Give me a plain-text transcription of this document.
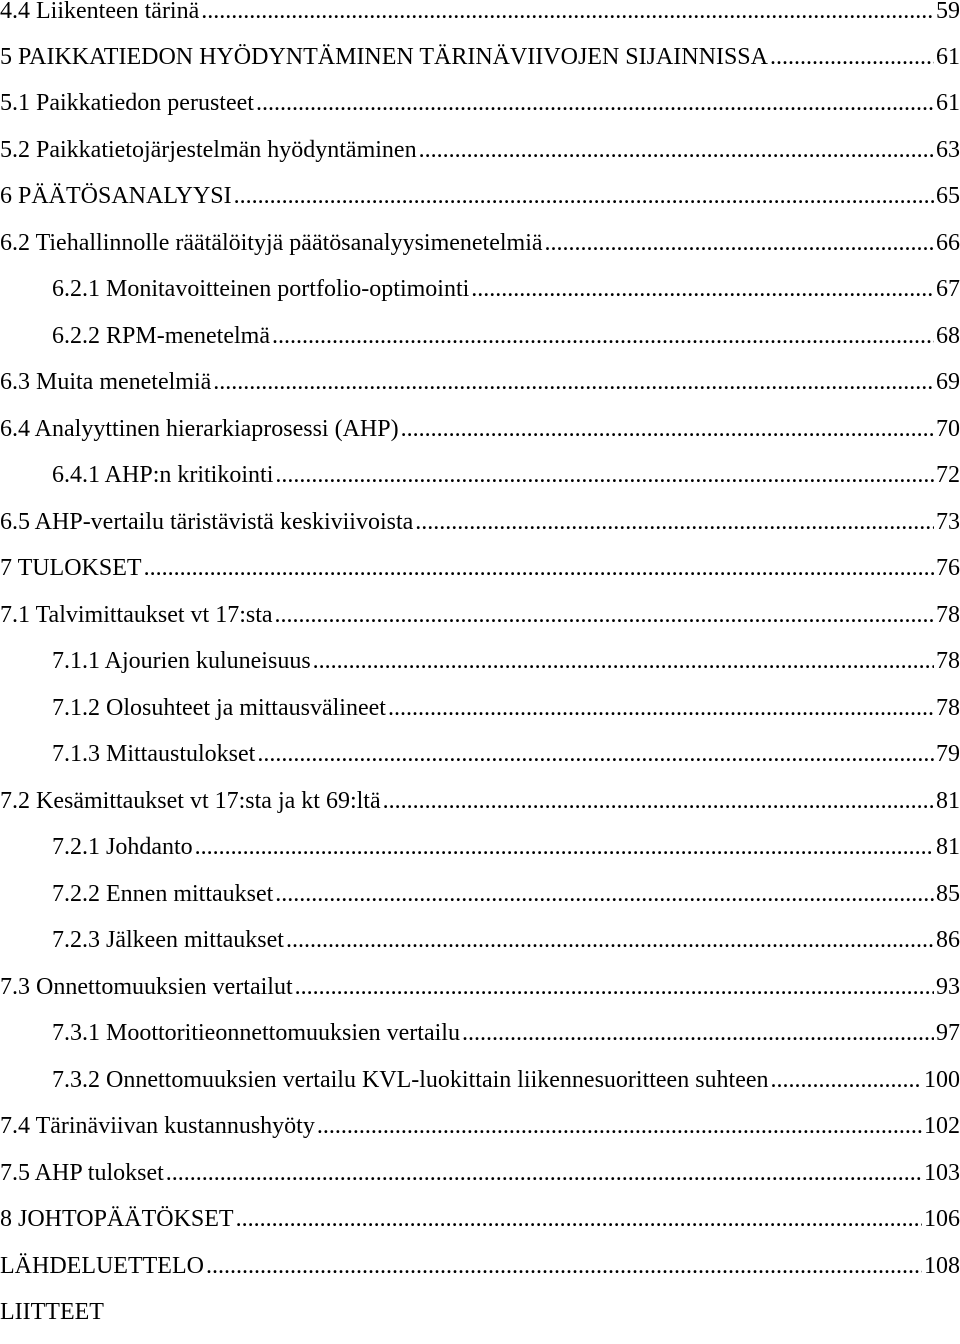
4.4 Liikenteen tärinä .....	59
5 PAIKKATIEDON HYÖDYNTÄMINEN TÄRINÄVIIVOJEN SIJAINNISSA .....	61
5.1 Paikkatiedon perusteet .....	61
5.2 Paikkatietojärjestelmän hyödyntäminen .....	63
6 PÄÄTÖSANALYYSI .....	65
6.2 Tiehallinnolle räätälöityjä päätösanalyysimenetelmiä .....	66
6.2.1 Monitavoitteinen portfolio-optimointi .....	67
6.2.2 RPM-menetelmä .....	68
6.3 Muita menetelmiä .....	69
6.4 Analyyttinen hierarkiaprosessi (AHP) .....	70
6.4.1 AHP:n kritikointi .....	72
6.5 AHP-vertailu täristävistä keskiviivoista .....	73
7 TULOKSET .....	76
7.1 Talvimittaukset vt 17:sta .....	78
7.1.1 Ajourien kuluneisuus .....	78
7.1.2 Olosuhteet ja mittausvälineet .....	78
7.1.3 Mittaustulokset .....	79
7.2 Kesämittaukset vt 17:sta ja kt 69:ltä .....	81
7.2.1 Johdanto .....	81
7.2.2 Ennen mittaukset .....	85
7.2.3 Jälkeen mittaukset .....	86
7.3 Onnettomuuksien vertailut .....	93
7.3.1 Moottoritieonnettomuuksien vertailu .....	97
7.3.2 Onnettomuuksien vertailu KVL-luokittain liikennesuoritteen suhteen .....	100
7.4 Tärinäviivan kustannushyöty .....	102
7.5 AHP tulokset .....	103
8 JOHTOPÄÄTÖKSET .....	106
LÄHDELUETTELO .....	108
LIITTEET
